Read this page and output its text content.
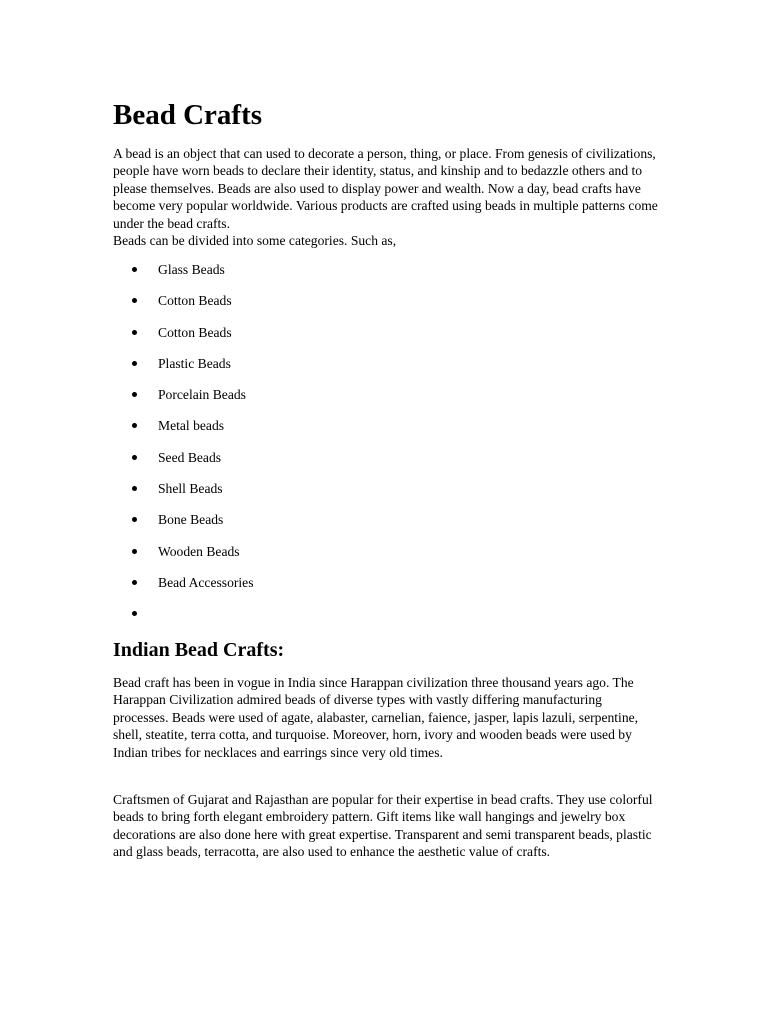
Bead Crafts

A bead is an object that can used to decorate a person, thing, or place. From genesis of civilizations, people have worn beads to declare their identity, status, and kinship and to bedazzle others and to please themselves. Beads are also used to display power and wealth. Now a day, bead crafts have become very popular worldwide. Various products are crafted using beads in multiple patterns come under the bead crafts.

Beads can be divided into some categories. Such as,

Glass Beads
Cotton Beads
Cotton Beads
Plastic Beads
Porcelain Beads
Metal beads
Seed Beads
Shell Beads
Bone Beads
Wooden Beads
Bead Accessories
Indian Bead Crafts:

Bead craft has been in vogue in India since Harappan civilization three thousand years ago. The Harappan Civilization admired beads of diverse types with vastly differing manufacturing processes. Beads were used of agate, alabaster, carnelian, faience, jasper, lapis lazuli, serpentine, shell, steatite, terra cotta, and turquoise. Moreover, horn, ivory and wooden beads were used by Indian tribes for necklaces and earrings since very old times.

Craftsmen of Gujarat and Rajasthan are popular for their expertise in bead crafts. They use colorful beads to bring forth elegant embroidery pattern. Gift items like wall hangings and jewelry box decorations are also done here with great expertise. Transparent and semi transparent beads, plastic and glass beads, terracotta, are also used to enhance the aesthetic value of crafts.
